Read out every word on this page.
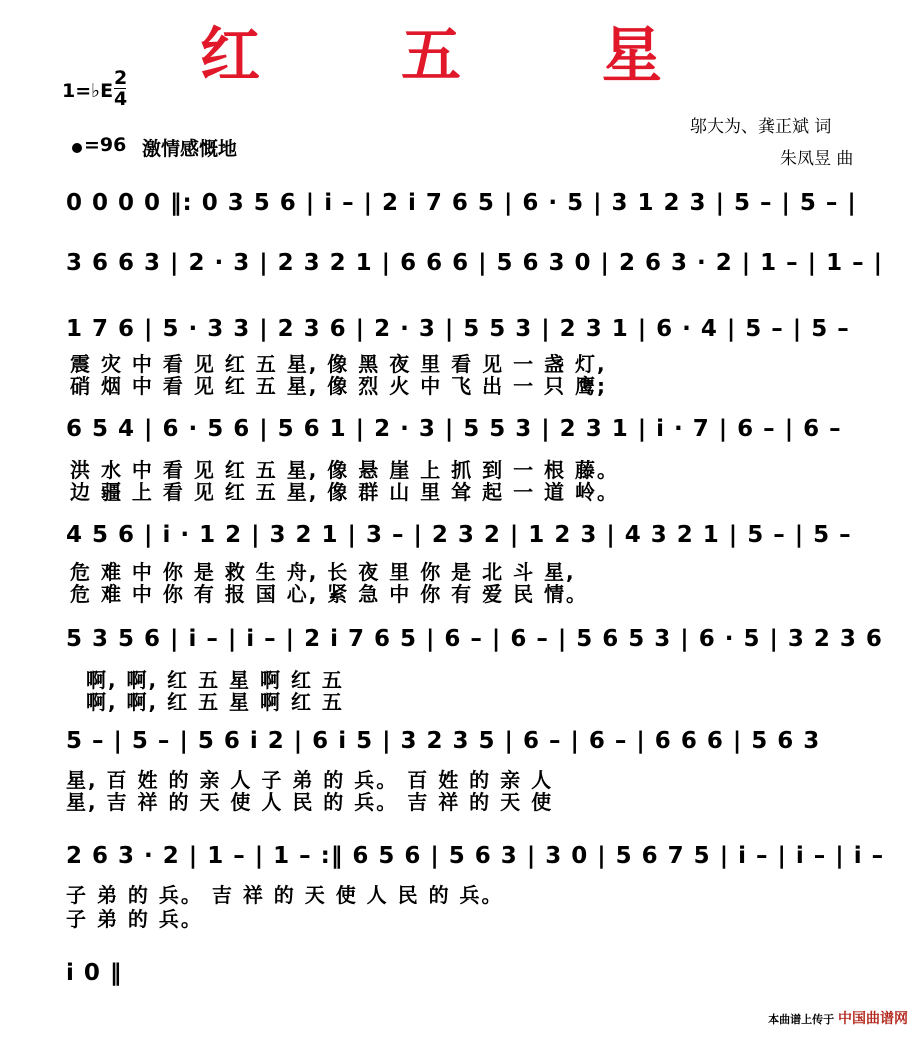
红 五 星
1=♭E
2
4
=96 激情感慨地
邬大为、龚正斌 词
朱凤昱 曲
0 0 0 0 ‖: 0 3 5 6 | i – | 2 i 7 6 5 | 6 · 5 | 3 1 2 3 | 5 – | 5 – |
3 6 6 3 | 2 · 3 | 2 3 2 1 | 6 6 6 | 5 6 3 0 | 2 6 3 · 2 | 1 – | 1 – |
1 7 6 | 5 · 3 3 | 2 3 6 | 2 · 3 | 5 5 3 | 2 3 1 | 6 · 4 | 5 – | 5 –
震 灾 中 看 见 红 五 星, 像 黑 夜 里 看 见 一 盏 灯,
硝 烟 中 看 见 红 五 星, 像 烈 火 中 飞 出 一 只 鹰;
6 5 4 | 6 · 5 6 | 5 6 1 | 2 · 3 | 5 5 3 | 2 3 1 | i · 7 | 6 – | 6 –
洪 水 中 看 见 红 五 星, 像 悬 崖 上 抓 到 一 根 藤。
边 疆 上 看 见 红 五 星, 像 群 山 里 耸 起 一 道 岭。
4 5 6 | i · 1 2 | 3 2 1 | 3 – | 2 3 2 | 1 2 3 | 4 3 2 1 | 5 – | 5 –
危 难 中 你 是 救 生 舟, 长 夜 里 你 是 北 斗 星,
危 难 中 你 有 报 国 心, 紧 急 中 你 有 爱 民 情。
5 3 5 6 | i – | i – | 2 i 7 6 5 | 6 – | 6 – | 5 6 5 3 | 6 · 5 | 3 2 3 6
啊, 啊, 红 五 星 啊 红 五
啊, 啊, 红 五 星 啊 红 五
5 – | 5 – | 5 6 i 2 | 6 i 5 | 3 2 3 5 | 6 – | 6 – | 6 6 6 | 5 6 3
星, 百 姓 的 亲 人 子 弟 的 兵。 百 姓 的 亲 人
星, 吉 祥 的 天 使 人 民 的 兵。 吉 祥 的 天 使
2 6 3 · 2 | 1 – | 1 – :‖ 6 5 6 | 5 6 3 | 3 0 | 5 6 7 5 | i – | i – | i –
子 弟 的 兵。 吉 祥 的 天 使 人 民 的 兵。
子 弟 的 兵。
i 0 ‖
本曲谱上传于 中国曲谱网
